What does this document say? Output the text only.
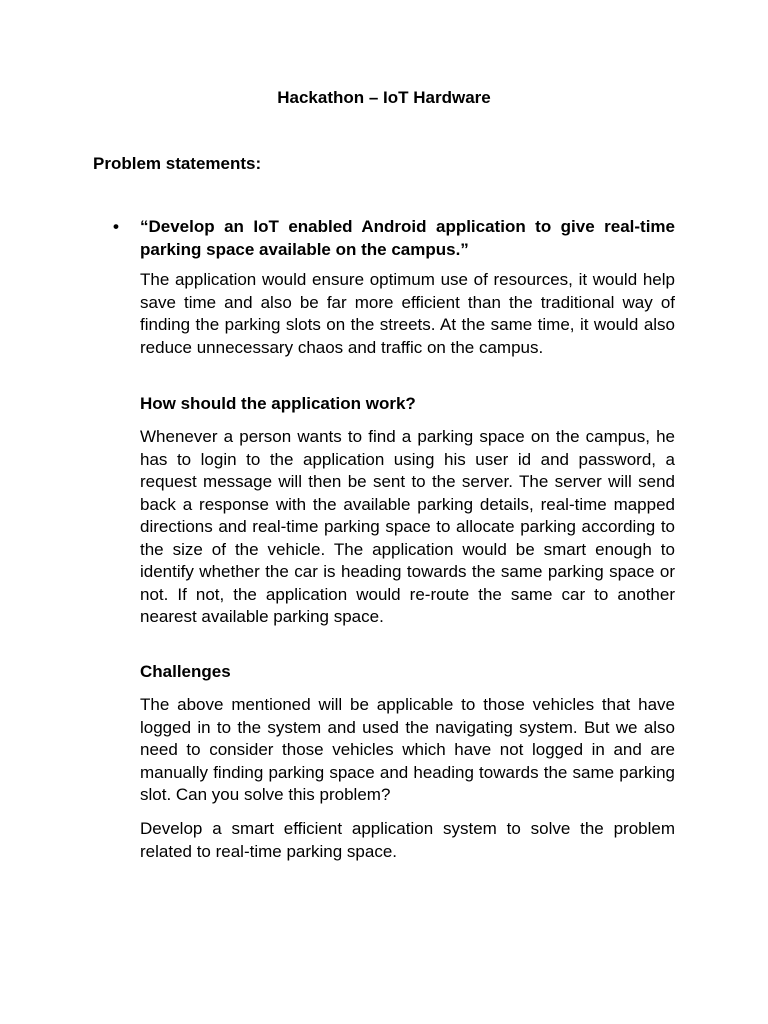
Hackathon – IoT Hardware
Problem statements:
• “Develop an IoT enabled Android application to give real-time parking space available on the campus.”

The application would ensure optimum use of resources, it would help save time and also be far more efficient than the traditional way of finding the parking slots on the streets. At the same time, it would also reduce unnecessary chaos and traffic on the campus.

How should the application work?

Whenever a person wants to find a parking space on the campus, he has to login to the application using his user id and password, a request message will then be sent to the server. The server will send back a response with the available parking details, real-time mapped directions and real-time parking space to allocate parking according to the size of the vehicle. The application would be smart enough to identify whether the car is heading towards the same parking space or not. If not, the application would re-route the same car to another nearest available parking space.

Challenges

The above mentioned will be applicable to those vehicles that have logged in to the system and used the navigating system. But we also need to consider those vehicles which have not logged in and are manually finding parking space and heading towards the same parking slot. Can you solve this problem?

Develop a smart efficient application system to solve the problem related to real-time parking space.
